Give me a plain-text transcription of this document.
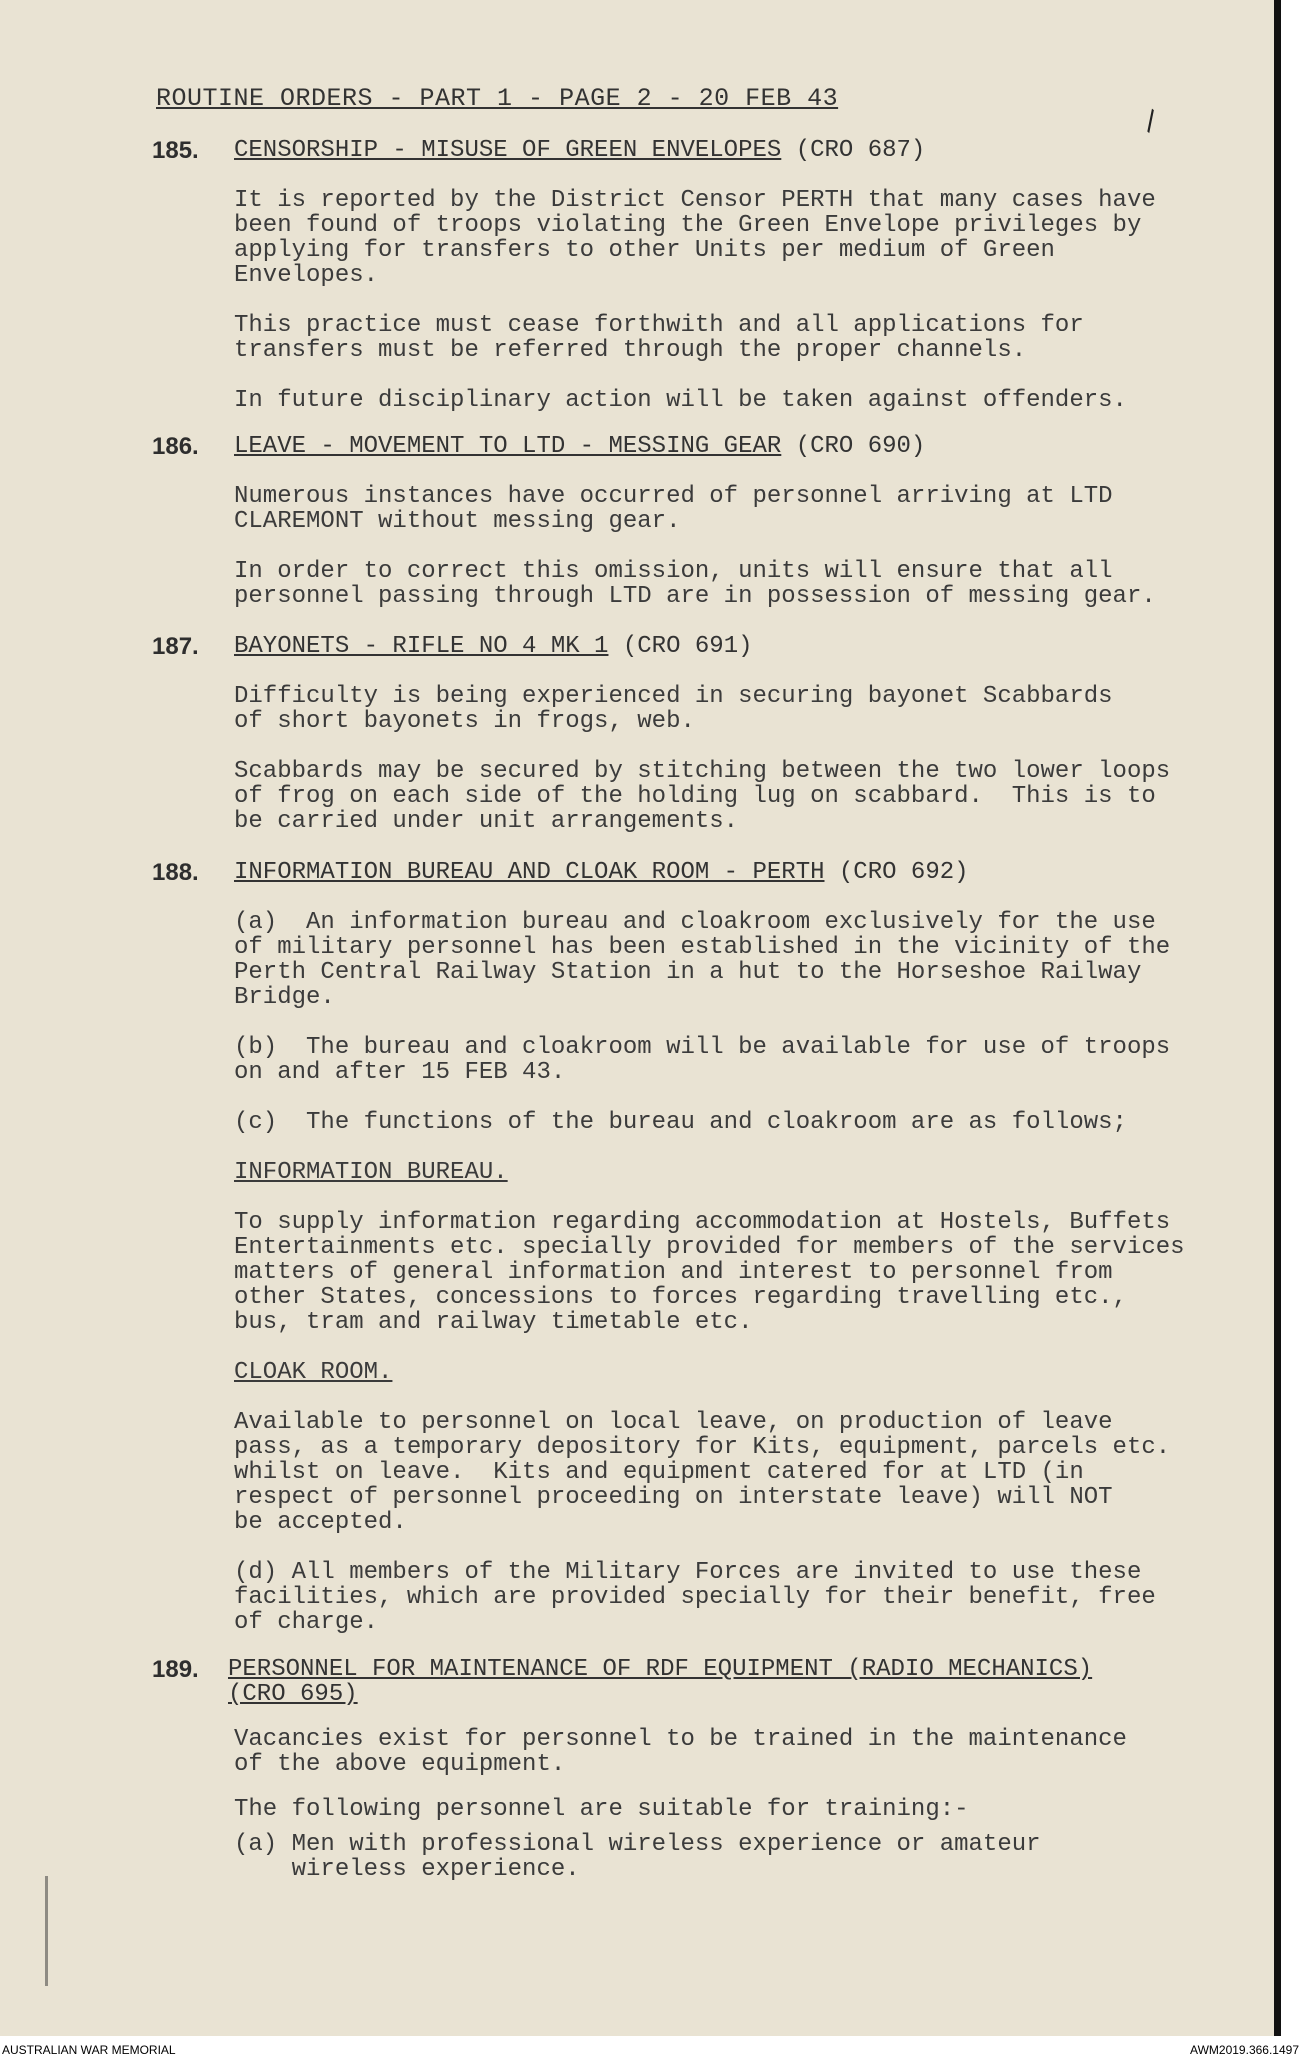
\
ROUTINE ORDERS - PART 1 - PAGE 2 - 20 FEB 43
185. CENSORSHIP - MISUSE OF GREEN ENVELOPES (CRO 687)

It is reported by the District Censor PERTH that many cases have
been found of troops violating the Green Envelope privileges by
applying for transfers to other Units per medium of Green
Envelopes.

This practice must cease forthwith and all applications for
transfers must be referred through the proper channels.

In future disciplinary action will be taken against offenders.

186. LEAVE - MOVEMENT TO LTD - MESSING GEAR (CRO 690)

Numerous instances have occurred of personnel arriving at LTD
CLAREMONT without messing gear.

In order to correct this omission, units will ensure that all
personnel passing through LTD are in possession of messing gear.

187. BAYONETS - RIFLE NO 4 MK 1 (CRO 691)

Difficulty is being experienced in securing bayonet Scabbards
of short bayonets in frogs, web.

Scabbards may be secured by stitching between the two lower loops
of frog on each side of the holding lug on scabbard.  This is to
be carried under unit arrangements.

188. INFORMATION BUREAU AND CLOAK ROOM - PERTH (CRO 692)

(a)  An information bureau and cloakroom exclusively for the use
of military personnel has been established in the vicinity of the
Perth Central Railway Station in a hut to the Horseshoe Railway
Bridge.

(b)  The bureau and cloakroom will be available for use of troops
on and after 15 FEB 43.

(c)  The functions of the bureau and cloakroom are as follows;

INFORMATION BUREAU.

To supply information regarding accommodation at Hostels, Buffets
Entertainments etc. specially provided for members of the services
matters of general information and interest to personnel from
other States, concessions to forces regarding travelling etc.,
bus, tram and railway timetable etc.

CLOAK ROOM.

Available to personnel on local leave, on production of leave
pass, as a temporary depository for Kits, equipment, parcels etc.
whilst on leave.  Kits and equipment catered for at LTD (in
respect of personnel proceeding on interstate leave) will NOT
be accepted.

(d) All members of the Military Forces are invited to use these
facilities, which are provided specially for their benefit, free
of charge.

189. PERSONNEL FOR MAINTENANCE OF RDF EQUIPMENT (RADIO MECHANICS)

(CRO 695)

Vacancies exist for personnel to be trained in the maintenance
of the above equipment.

The following personnel are suitable for training:-

(a) Men with professional wireless experience or amateur
wireless experience.

AUSTRALIAN WAR MEMORIAL	AWM2019.366.1497
